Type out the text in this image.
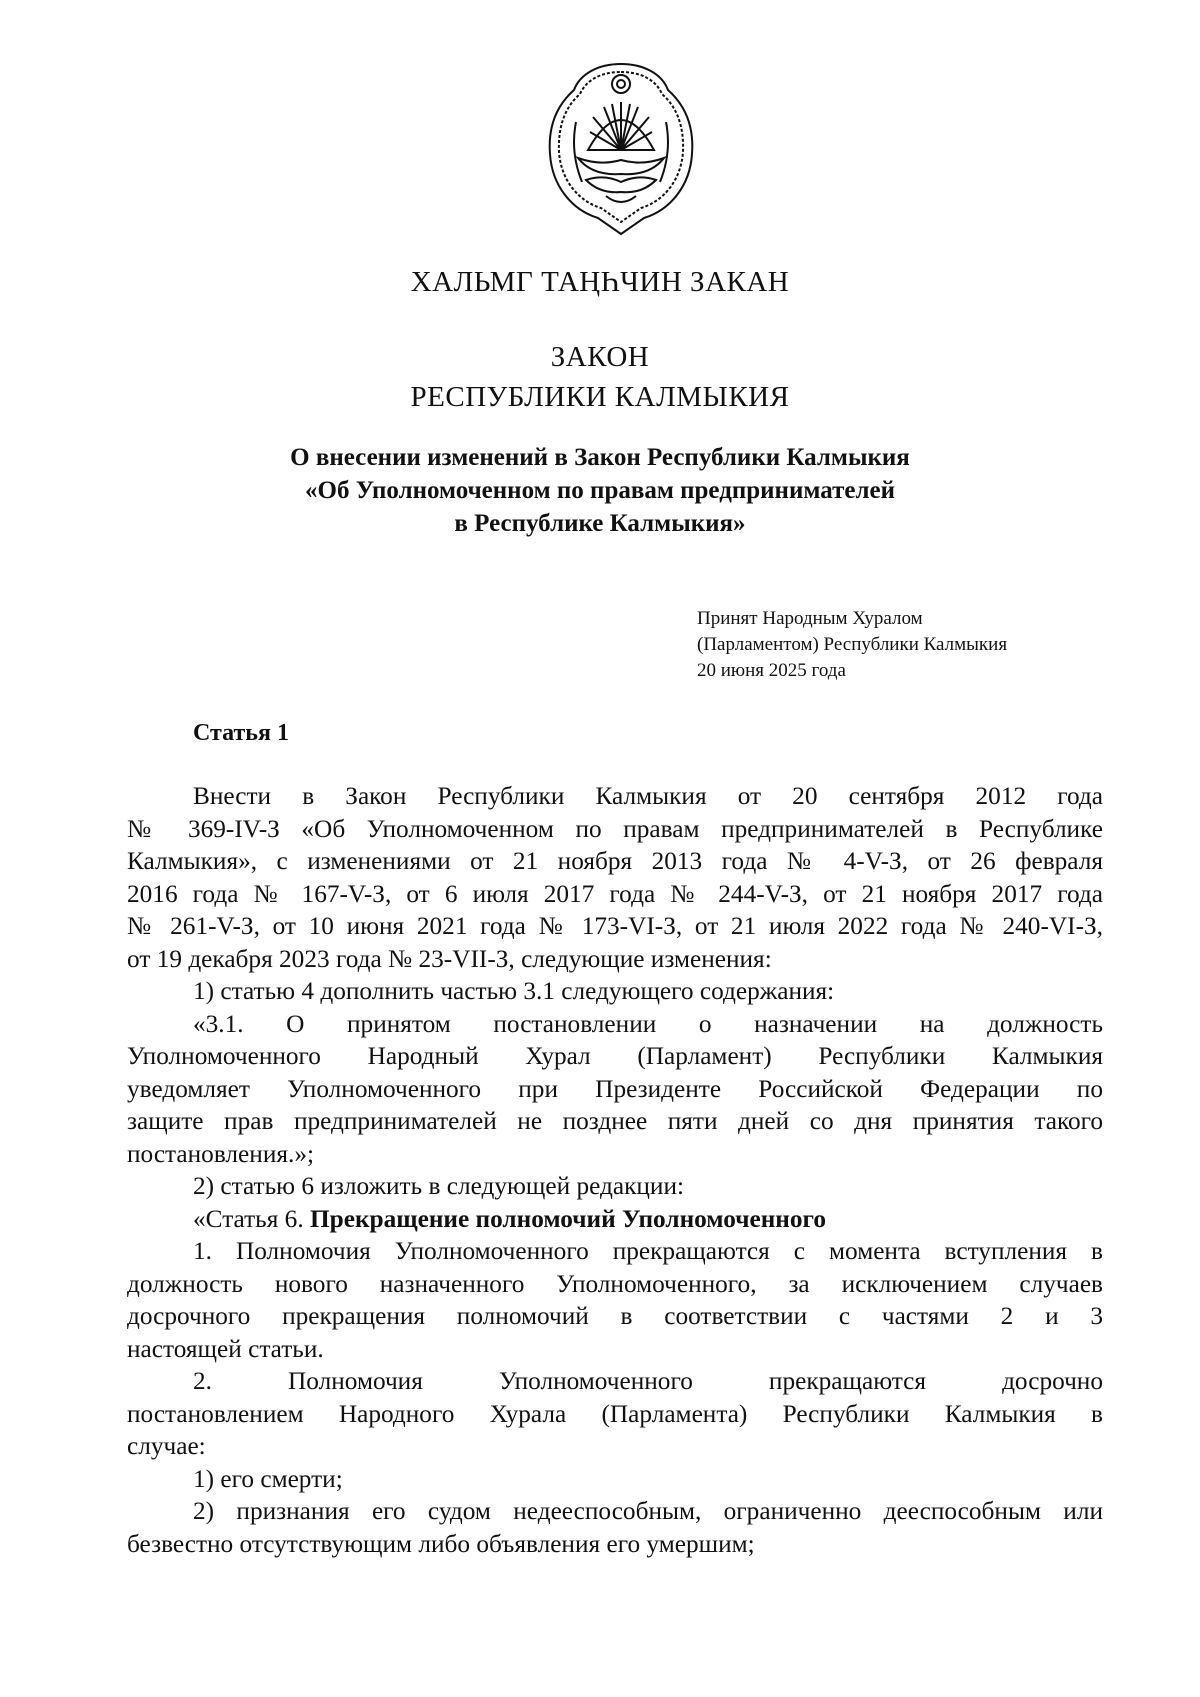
ХАЛЬМГ ТАҢҺЧИН ЗАКАН
ЗАКОН
РЕСПУБЛИКИ КАЛМЫКИЯ
О внесении изменений в Закон Республики Калмыкия
«Об Уполномоченном по правам предпринимателей
в Республике Калмыкия»
Принят Народным Хуралом
(Парламентом) Республики Калмыкия
20 июня 2025 года
Статья 1

Внести в Закон Республики Калмыкия от 20 сентября 2012 года

№ 369-IV-З «Об Уполномоченном по правам предпринимателей в Республике

Калмыкия», с изменениями от 21 ноября 2013 года № 4-V-З, от 26 февраля

2016 года № 167-V-З, от 6 июля 2017 года № 244-V-З, от 21 ноября 2017 года

№ 261-V-З, от 10 июня 2021 года № 173-VI-З, от 21 июля 2022 года № 240-VI-З,

от 19 декабря 2023 года № 23-VII-З, следующие изменения:

1) статью 4 дополнить частью 3.1 следующего содержания:

«3.1. О принятом постановлении о назначении на должность

Уполномоченного Народный Хурал (Парламент) Республики Калмыкия

уведомляет Уполномоченного при Президенте Российской Федерации по

защите прав предпринимателей не позднее пяти дней со дня принятия такого

постановления.»;

2) статью 6 изложить в следующей редакции:

«Статья 6. Прекращение полномочий Уполномоченного

1. Полномочия Уполномоченного прекращаются с момента вступления в

должность нового назначенного Уполномоченного, за исключением случаев

досрочного прекращения полномочий в соответствии с частями 2 и 3

настоящей статьи.

2. Полномочия Уполномоченного прекращаются досрочно

постановлением Народного Хурала (Парламента) Республики Калмыкия в

случае:

1) его смерти;

2) признания его судом недееспособным, ограниченно дееспособным или

безвестно отсутствующим либо объявления его умершим;
